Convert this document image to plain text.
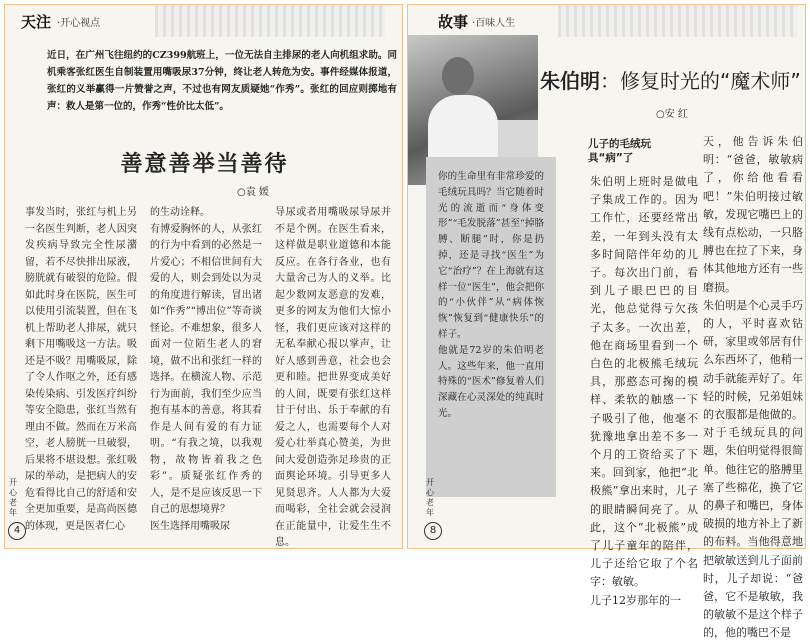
天注 ·开心视点
近日，在广州飞往纽约的CZ399航班上，一位无法自主排尿的老人向机组求助。同机乘客张红医生自制装置用嘴吸尿37分钟，终让老人转危为安。事件经媒体报道，张红的义举赢得一片赞誉之声，不过也有网友质疑她“作秀”。张红的回应则掷地有声：救人是第一位的，作秀“性价比太低”。
善意善举当善待
○袁 媛
事发当时，张红与机上另一名医生判断，老人因突发疾病导致完全性尿潴留，若不尽快排出尿液，膀胱就有破裂的危险。假如此时身在医院，医生可以使用引流装置，但在飞机上帮助老人排尿，就只剩下用嘴吸这一方法。吸还是不吸？用嘴吸尿，除了令人作呕之外，还有感染传染病、引发医疗纠纷等安全隐患，张红当然有理由不做。然而在万米高空，老人膀胱一旦破裂，后果将不堪设想。张红吸尿的举动，是把病人的安危看得比自己的舒适和安全更加重要，是高尚医德的体现，更是医者仁心
的生动诠释。
有博爱胸怀的人，从张红的行为中看到的必然是一片爱心；不相信世间有大爱的人，则会到处以为灵的角度进行解读，冒出诸如“作秀”“博出位”等奇谈怪论。不难想象，很多人面对一位陌生老人的窘境，做不出和张红一样的选择。在横流人物、示范行为面前，我们至少应当抱有基本的善意，将其看作是人间有爱的有力证明。“有我之境，以我观物，故物皆着我之色彩”。质疑张红作秀的人，是不是应该反思一下自己的思想境界？
医生选择用嘴吸尿
导尿或者用嘴吸尿导尿并不是个例。在医生看来，这样做是职业道德和本能反应。在各行各业，也有大量舍己为人的义举。比起少数网友恶意的发难，更多的网友为他们大惊小怪，我们更应该对这样的无私奉献心报以掌声，让好人感到善意，社会也会更和睦。把世界变成美好的人间，既要有张红这样甘于付出、乐于奉献的有爱之人，也需要每个人对爱心壮举真心赞美，为世间大爱创造弥足珍贵的正面舆论环境。引导更多人见贤思齐。人人都为大爱而喝彩，全社会就会浸润在正能量中，让爱生生不息。
开心老年
4
故事 ·百味人生
朱伯明：修复时光的“魔术师”
○安 红
你的生命里有非常珍爱的毛绒玩具吗？当它随着时光的流逝而“身体变形”“毛发脱落”甚至“掉胳膊、断腿”时，你是扔掉，还是寻找“医生”为它“治疗”？在上海就有这样一位“医生”，他会把你的“小伙伴”从“病体恢恢”恢复到“健康快乐”的样子。
他就是72岁的朱伯明老人。这些年来，他一直用特殊的“医术”修复着人们深藏在心灵深处的纯真时光。
儿子的毛绒玩具“病”了
朱伯明上班时是做电子集成工作的。因为工作忙，还要经常出差，一年到头没有太多时间陪伴年幼的儿子。每次出门前，看到儿子眼巴巴的目光，他总觉得亏欠孩子太多。一次出差，他在商场里看到一个白色的北极熊毛绒玩具，那憨态可掬的模样、柔软的触感一下子吸引了他，他毫不犹豫地拿出差不多一个月的工资给买了下来。回到家，他把“北极熊”拿出来时，儿子的眼睛瞬间亮了。从此，这个“北极熊”成了儿子童年的陪伴，儿子还给它取了个名字：敏敏。
儿子12岁那年的一
天，他告诉朱伯明：“爸爸，敏敏病了，你给他看看吧！”朱伯明接过敏敏，发现它嘴巴上的线有点松动，一只胳膊也在拉了下来，身体其他地方还有一些磨损。
朱伯明是个心灵手巧的人，平时喜欢钻研，家里或邻居有什么东西坏了，他稍一动手就能弄好了。年轻的时候，兄弟姐妹的衣服都是他做的。对于毛绒玩具的问题，朱伯明觉得很简单。他往它的胳膊里塞了些棉花，换了它的鼻子和嘴巴，身体破损的地方补上了新的布料。当他得意地把敏敏送到儿子面前时，儿子却说：“爸爸，它不是敏敏，我的敏敏不是这个样子的，他的嘴巴不是
开心老年
8
